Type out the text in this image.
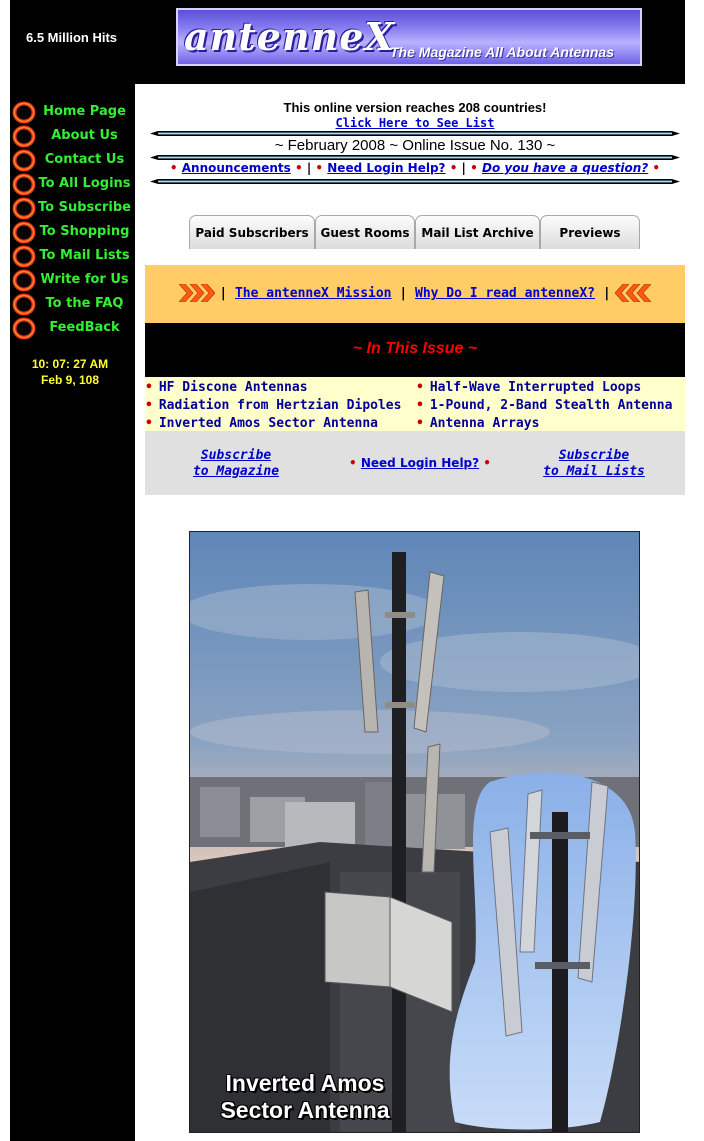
6.5 Million Hits antenneX
The Magazine All About Antennas
Home Page
About Us
Contact Us
To All Logins
To Subscribe
To Shopping
To Mail Lists
Write for Us
To the FAQ
FeedBack
10: 07: 27 AM
Feb 9, 108
This online version reaches 208 countries!
Click Here to See List
~ February 2008 ~ Online Issue No. 130 ~
• Announcements • | • Need Login Help? • | • Do you have a question? •
Paid Subscribers Guest Rooms Mail List Archive	Previews
| The antenneX Mission | Why Do I read antenneX? |
~ In This Issue ~
• HF Discone Antennas	• Half-Wave Interrupted Loops
• Radiation from Hertzian Dipoles • 1-Pound, 2-Band Stealth Antenna
• Inverted Amos Sector Antenna	• Antenna Arrays
Subscribe
to Magazine
• Need Login Help? •	Subscribe
to Mail Lists
Inverted Amos
Sector Antenna
